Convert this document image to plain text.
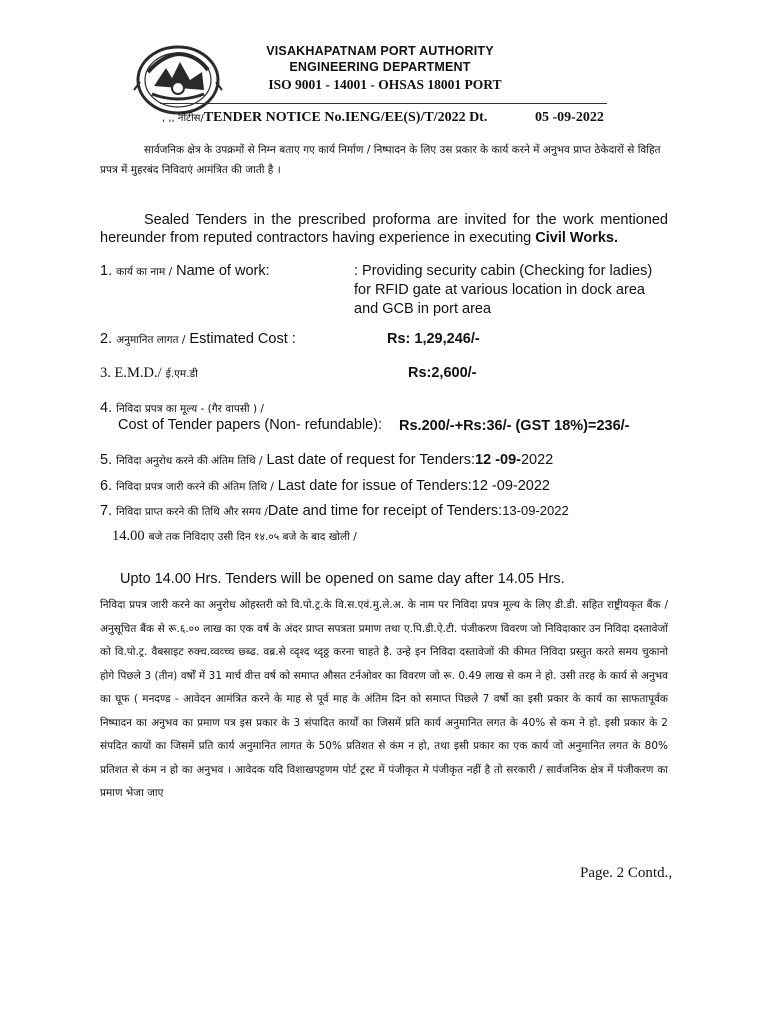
VISAKHAPATNAM PORT AUTHORITY
ENGINEERING DEPARTMENT
ISO 9001 - 14001 - OHSAS 18001 PORT
, ,, नोटीस/TENDER NOTICE No.IENG/EE(S)/T/2022 Dt.	05 -09-2022
सार्वजनिक क्षेत्र के उपक्रमों से निम्न बताए गए कार्य निर्माण / निष्पादन के लिए उस प्रकार के कार्य करने में अनुभव प्राप्त ठेकेदारों से विहित प्रपत्र में मुहरबंद निविदाएं आमंत्रित की जाती है ।
Sealed Tenders in the prescribed proforma are invited for the work mentioned hereunder from reputed contractors having experience in executing Civil Works.
1. कार्य का नाम / Name of work:	: Providing security cabin (Checking for ladies) for RFID gate at various location in dock area and GCB in port area
2. अनुमानित लागत / Estimated Cost :	Rs: 1,29,246/-
3. E.M.D./ ई.एम.डी	Rs:2,600/-
4. निविदा प्रपत्र का मूल्य - (गैर वापसी ) /
Cost of Tender papers (Non- refundable): Rs.200/-+Rs:36/- (GST 18%)=236/-
5. निविदा अनुरोध करने की अंतिम तिथि / Last date of request for Tenders:12 -09-2022
6. निविदा प्रपत्र जारी करने की अंतिम तिथि / Last date for issue of Tenders:12 -09-2022
7. निविदा प्राप्त करने की तिथि और समय /Date and time for receipt of Tenders:13-09-2022
14.00 बजे तक निविदाए उसी दिन १४.०५ बजे के बाद खोली /
Upto 14.00 Hrs. Tenders will be opened on same day after 14.05 Hrs.
निविदा प्रपत्र जारी करने का अनुरोध ओहस्तरी को वि.पो.ट्र.के वि.स.एवं.मु.ले.अ. के नाम पर निविदा प्रपत्र मूल्य के लिए डी.डी. सहित राष्ट्रीयकृत बैंक / अनुसूचित बैंक से रू.६.०० लाख का एक वर्ष के अंदर प्राप्त सपत्रता प्रमाण तथा ए.पि.डी.ऐ.टी. पंजीकरण विवरण जो निविदाकार उन निविदा दस्तावेजों को वि.पो.ट्र. वैबसाइट रुक्च.व्वव्च्च छ्ब्ढ. वब्र.से व्दृश्द थ्दृठ्ठ करना चाहते है. उन्हे इन निविदा दस्तावेजों की कीमत निविदा प्रस्तुत करते समय चुकानो होगे पिछले 3 (तीन) वर्षों में 31 मार्च वीत्त वर्ष को समाप्त औसत टर्नओवर का विवरण जो रू. 0.49 लाख से कम ने हो. उसी तरह के कार्य से अनुभव का घूफ ( मनदण्ड - आवेदन आमंत्रित करने के माह से पूर्व माह के अंतिम दिन को समाप्त पिछले 7 वर्षो का इसी प्रकार के कार्य का साफतापूर्वक निष्पादन का अनुभव का प्रमाण पत्र इस प्रकार के 3 संपादित कार्यों का जिसमें प्रति कार्य अनुमानित लगत के 40% से कम ने हो. इसी प्रकार के 2 संपदित कायों का जिसमें प्रति कार्य अनुमानित लागत के 50% प्रतिशत से कंम न हो, तथा इसी प्रकार का एक कार्य जो अनुमानित लगत के 80% प्रतिशत से कंम न हो का अनुभव । आवेदक यदि विशाखपट्टणम पोर्ट ट्रस्ट में पंजीकृत मे पंजीकृत नहीं है तो सरकारी / सार्वजनिक क्षेत्र में पंजीकरण का प्रमाण भेजा जाए
Page. 2 Contd.,
